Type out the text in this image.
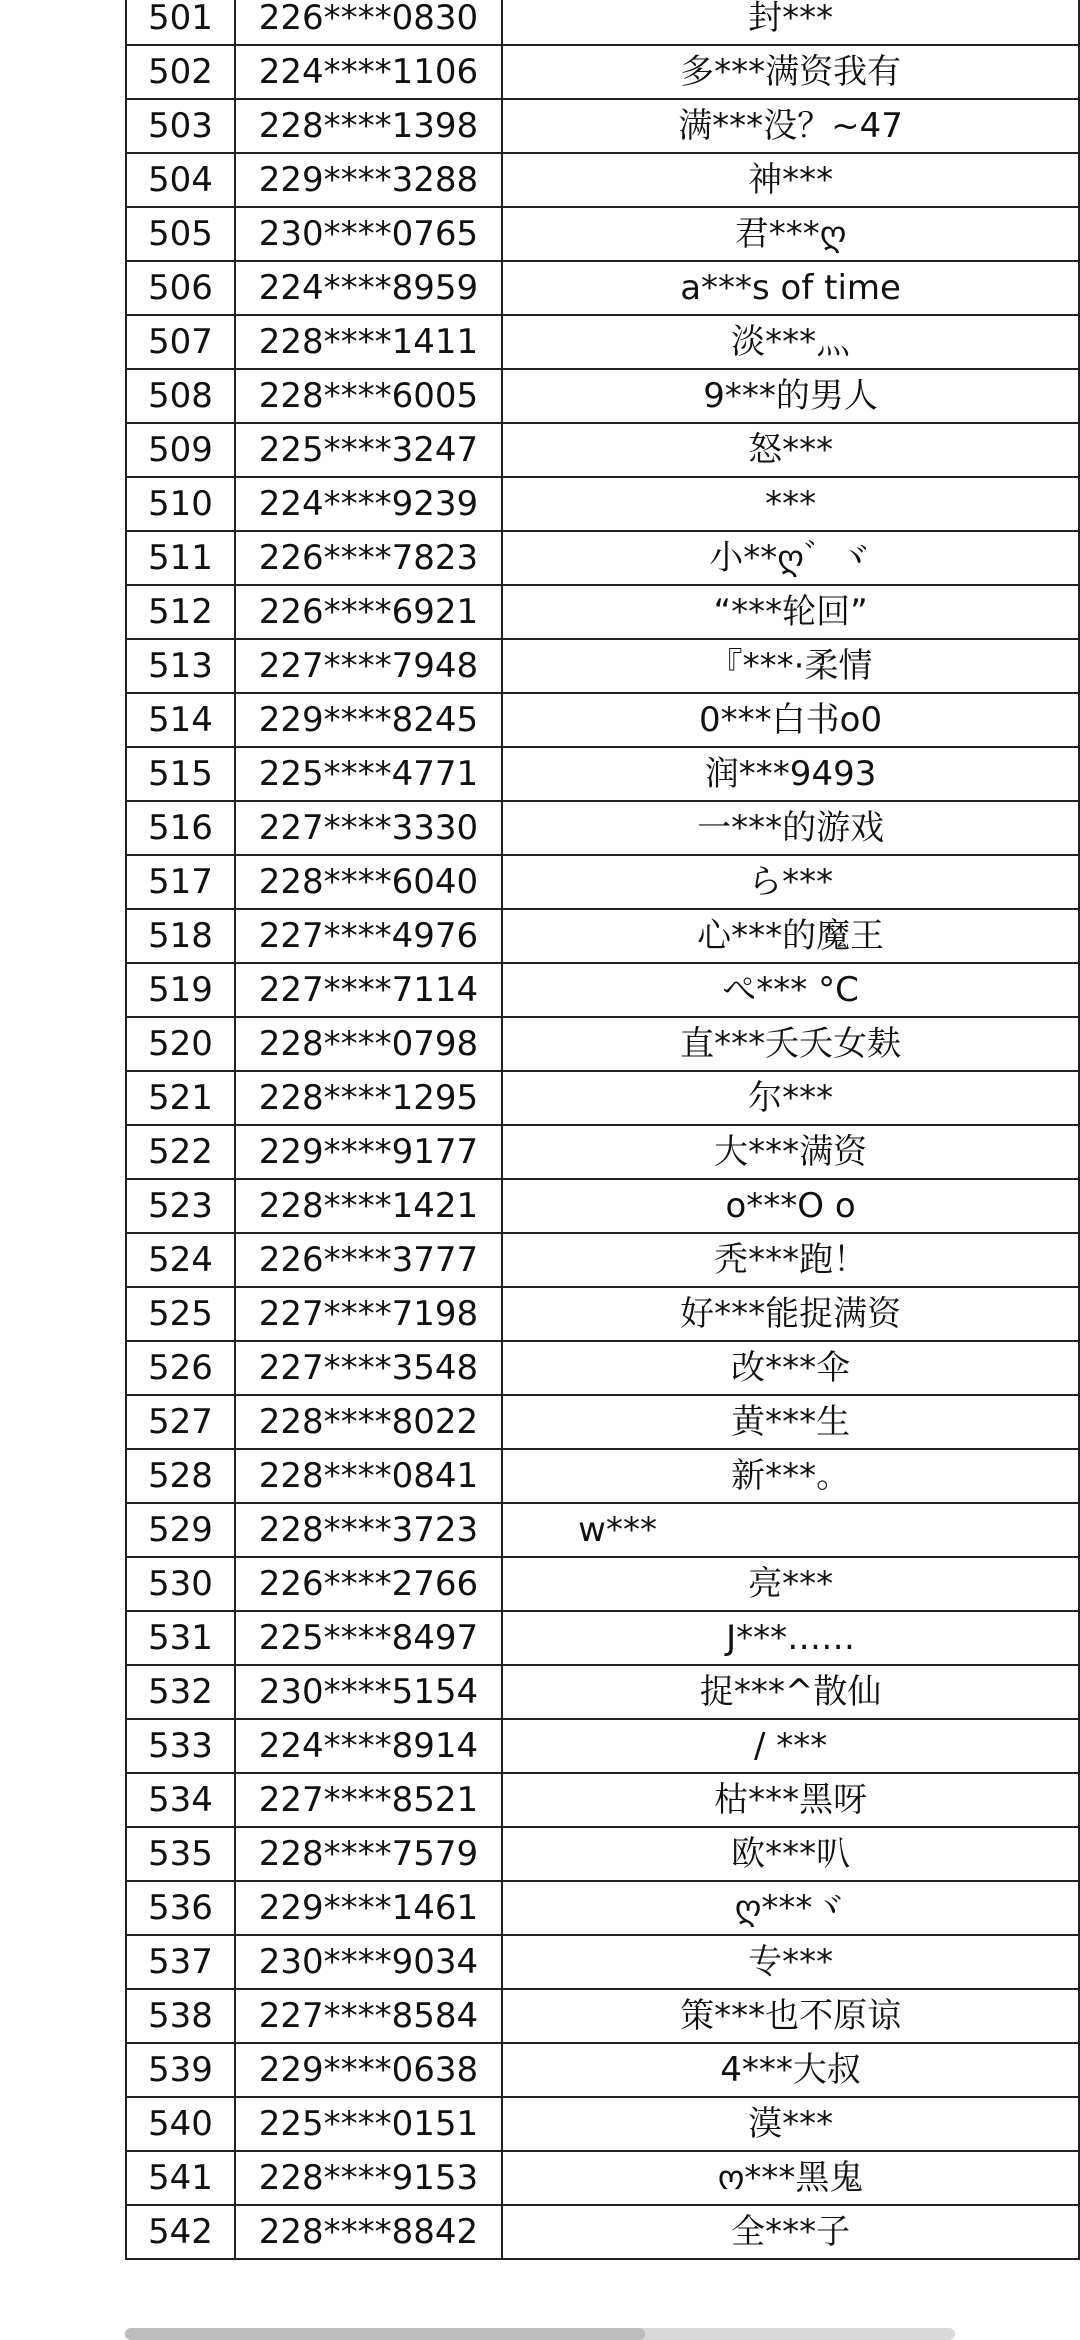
501	226****0830	封***
502	224****1106	多***满资我有
503	228****1398	满***没？~47
504	229****3288	神***
505	230****0765	君***ღ
506	224****8959	a***s of time
507	228****1411	淡***灬
508	228****6005	9***的男人
509	225****3247	怒***
510	224****9239	***
511	226****7823	小**ღ゛ヾ
512	226****6921	“***轮回”
513	227****7948	『***·柔情
514	229****8245	0***白书o0
515	225****4771	润***9493
516	227****3330	一***的游戏
517	228****6040	ら***
518	227****4976	心***的魔王
519	227****7114	ぺ*** °C
520	228****0798	直***夭夭女麸
521	228****1295	尔***
522	229****9177	大***满资
523	228****1421	o***O o
524	226****3777	秃***跑！
525	227****7198	好***能捉满资
526	227****3548	改***伞
527	228****8022	黄***生
528	228****0841	新***。
529	228****3723	w***
530	226****2766	亮***
531	225****8497	J***……
532	230****5154	捉***^散仙
533	224****8914	/ ***
534	227****8521	枯***黑呀
535	228****7579	欧***叭
536	229****1461	ღ***ヾ
537	230****9034	专***
538	227****8584	策***也不原谅
539	229****0638	4***大叔
540	225****0151	漠***
541	228****9153	ო***黑鬼
542	228****8842	全***子
